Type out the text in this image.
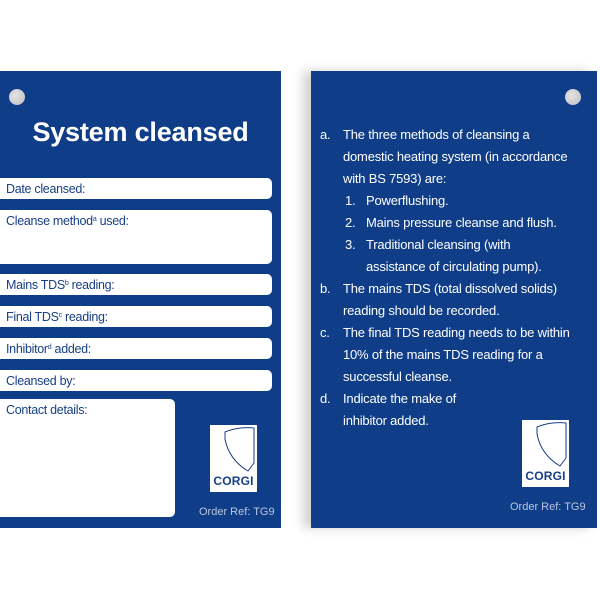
System cleansed
Date cleansed:
Cleanse method$^a$ used:
Mains TDS$^b$ reading:
Final TDS$^c$ reading:
Inhibitor$^d$ added:
Cleansed by:
Contact details:
CORGI
Order Ref: TG9
a. The three methods of cleansing a
domestic heating system (in accordance
with BS 7593) are:
1. Powerflushing.
2. Mains pressure cleanse and flush.
3. Traditional cleansing (with
assistance of circulating pump).
b. The mains TDS (total dissolved solids)
reading should be recorded.
c. The final TDS reading needs to be within
10% of the mains TDS reading for a
successful cleanse.
d. Indicate the make of
inhibitor added.
CORGI
Order Ref: TG9
